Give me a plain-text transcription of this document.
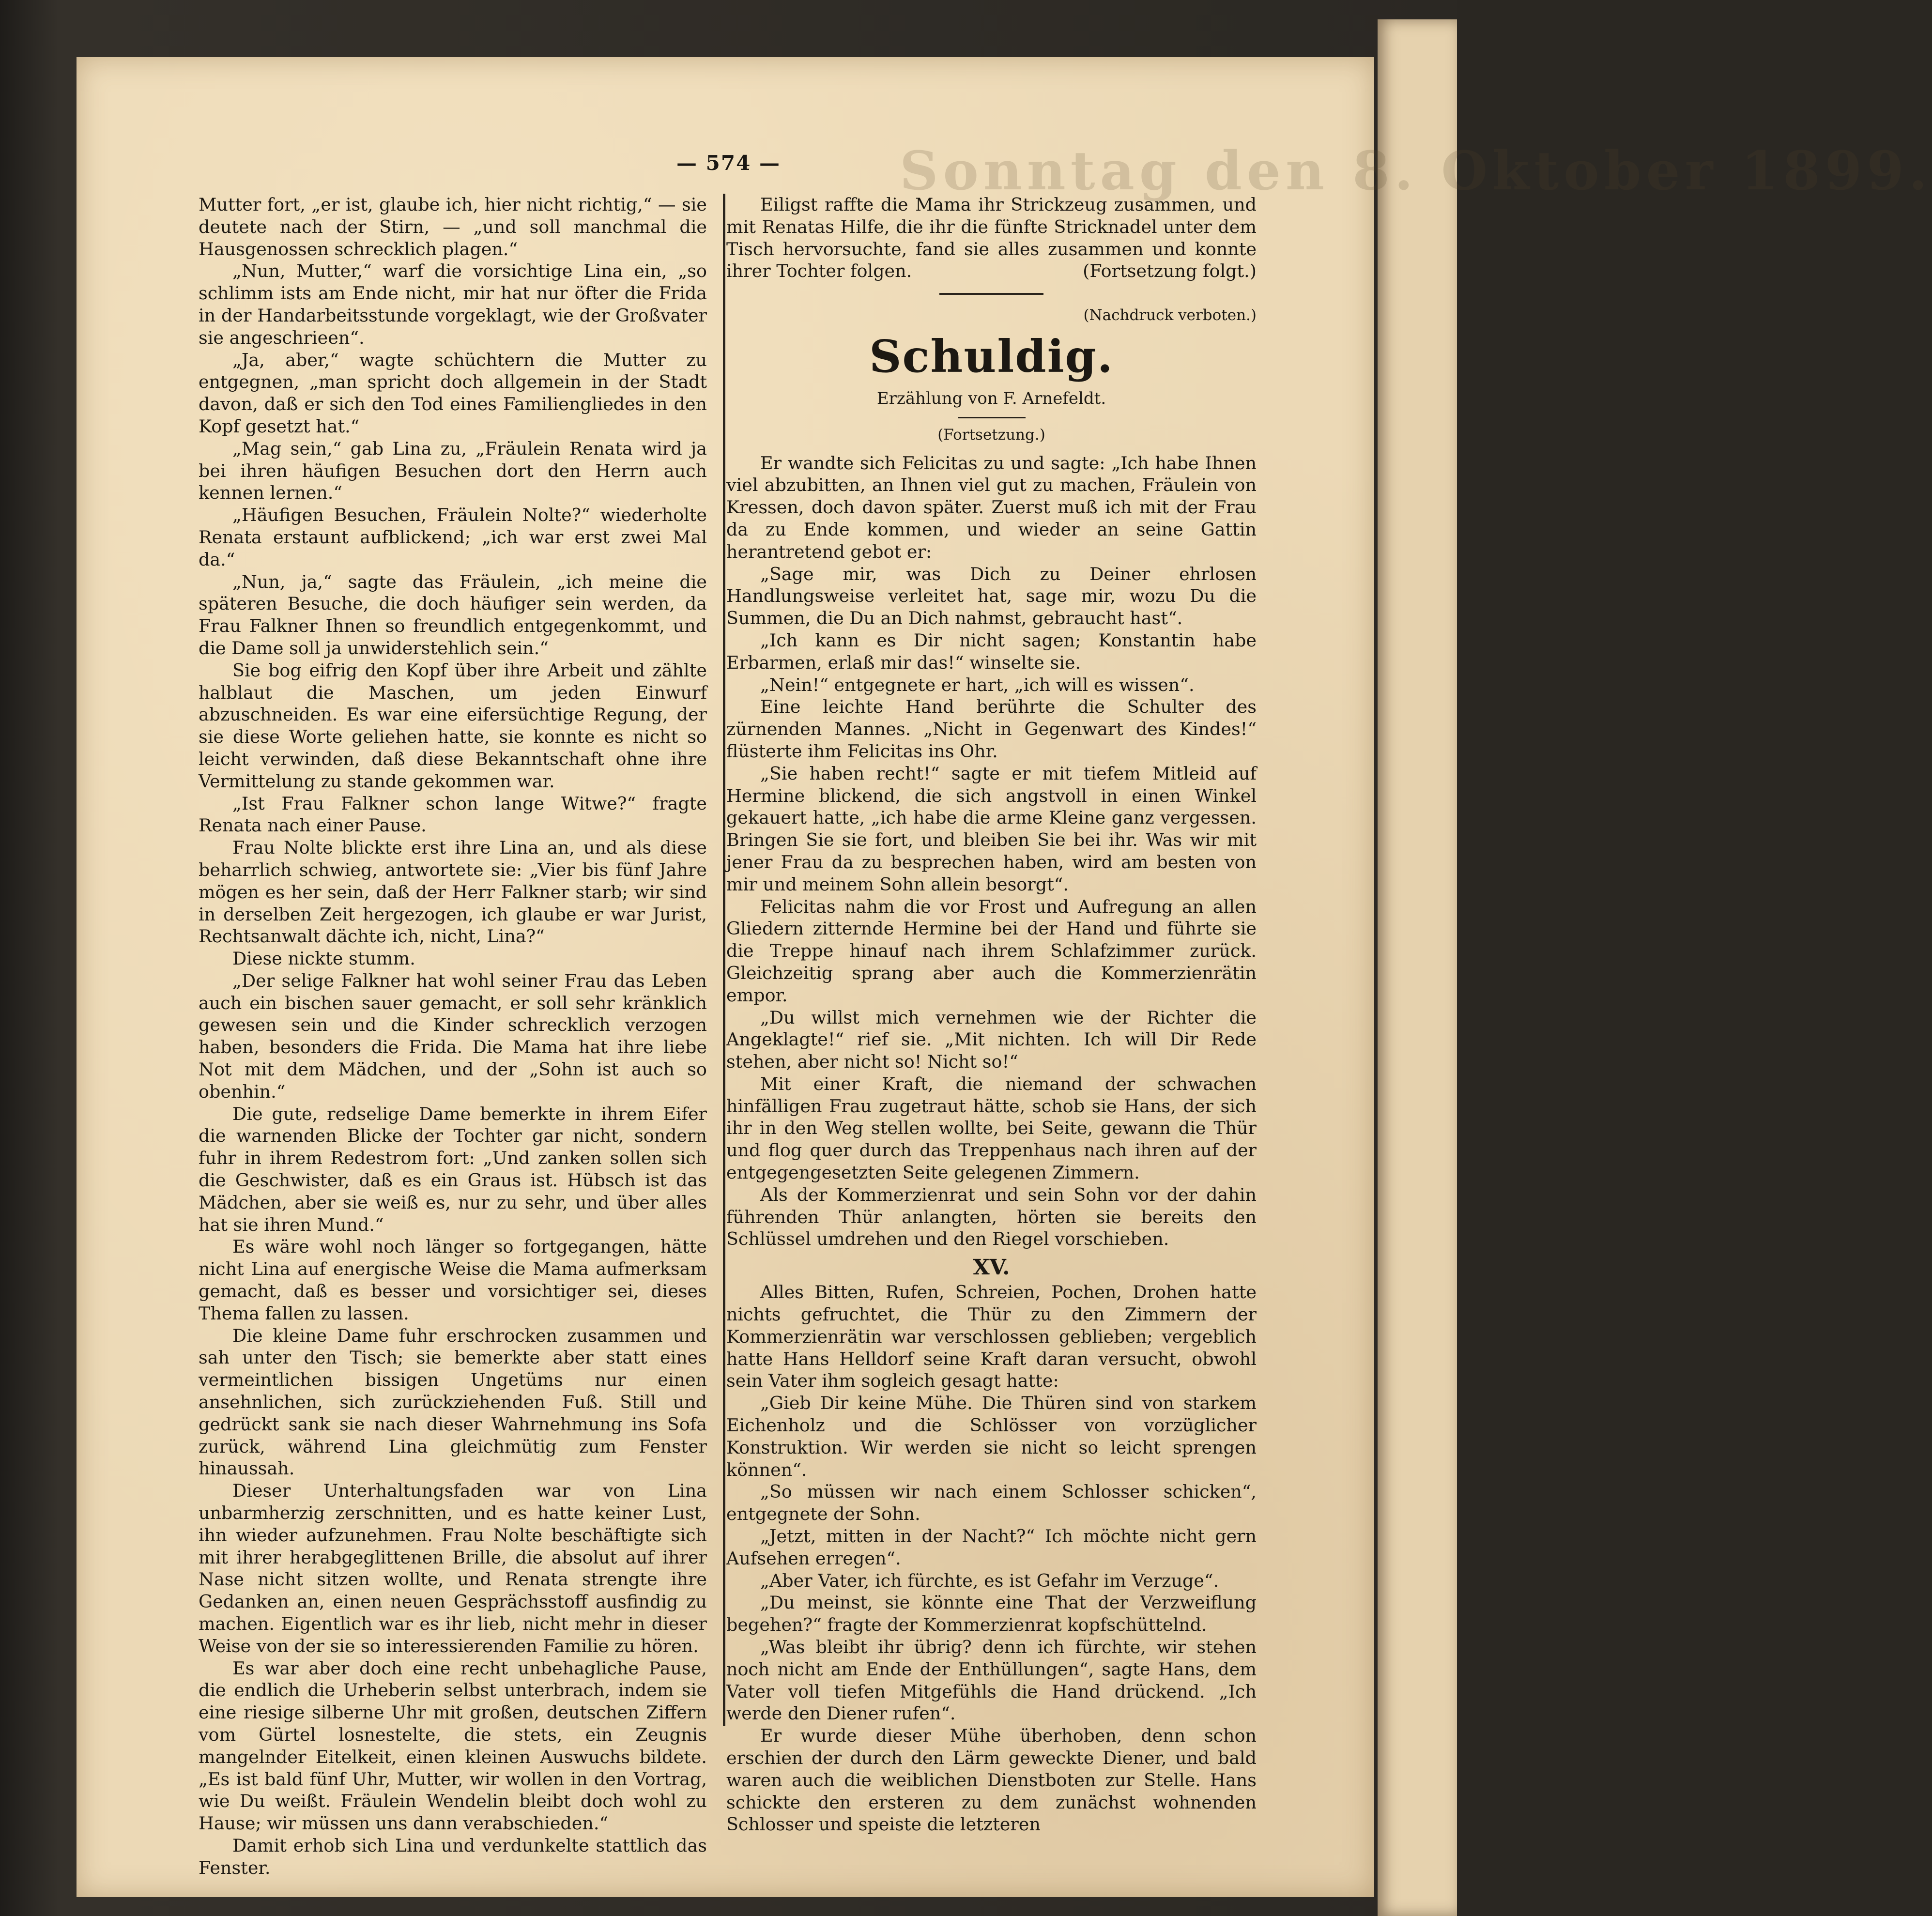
Sonntag den 8. Oktober 1899.
— 574 —

Mutter fort, „er ist, glaube ich, hier nicht richtig,“ — sie deutete nach der Stirn, — „und soll manchmal die Hausgenossen schrecklich plagen.“

„Nun, Mutter,“ warf die vorsichtige Lina ein, „so schlimm ists am Ende nicht, mir hat nur öfter die Frida in der Handarbeitsstunde vorgeklagt, wie der Großvater sie angeschrieen“.

„Ja, aber,“ wagte schüchtern die Mutter zu entgegnen, „man spricht doch allgemein in der Stadt davon, daß er sich den Tod eines Familiengliedes in den Kopf gesetzt hat.“

„Mag sein,“ gab Lina zu, „Fräulein Renata wird ja bei ihren häufigen Besuchen dort den Herrn auch kennen lernen.“

„Häufigen Besuchen, Fräulein Nolte?“ wiederholte Renata erstaunt aufblickend; „ich war erst zwei Mal da.“

„Nun, ja,“ sagte das Fräulein, „ich meine die späteren Besuche, die doch häufiger sein werden, da Frau Falkner Ihnen so freundlich entgegenkommt, und die Dame soll ja unwiderstehlich sein.“

Sie bog eifrig den Kopf über ihre Arbeit und zählte halblaut die Maschen, um jeden Einwurf abzuschneiden. Es war eine eifersüchtige Regung, der sie diese Worte geliehen hatte, sie konnte es nicht so leicht verwinden, daß diese Bekanntschaft ohne ihre Vermittelung zu stande gekommen war.

„Ist Frau Falkner schon lange Witwe?“ fragte Renata nach einer Pause.

Frau Nolte blickte erst ihre Lina an, und als diese beharrlich schwieg, antwortete sie: „Vier bis fünf Jahre mögen es her sein, daß der Herr Falkner starb; wir sind in derselben Zeit hergezogen, ich glaube er war Jurist, Rechtsanwalt dächte ich, nicht, Lina?“

Diese nickte stumm.

„Der selige Falkner hat wohl seiner Frau das Leben auch ein bischen sauer gemacht, er soll sehr kränklich gewesen sein und die Kinder schrecklich verzogen haben, besonders die Frida. Die Mama hat ihre liebe Not mit dem Mädchen, und der „Sohn ist auch so obenhin.“

Die gute, redselige Dame bemerkte in ihrem Eifer die warnenden Blicke der Tochter gar nicht, sondern fuhr in ihrem Redestrom fort: „Und zanken sollen sich die Geschwister, daß es ein Graus ist. Hübsch ist das Mädchen, aber sie weiß es, nur zu sehr, und über alles hat sie ihren Mund.“

Es wäre wohl noch länger so fortgegangen, hätte nicht Lina auf energische Weise die Mama aufmerksam gemacht, daß es besser und vorsichtiger sei, dieses Thema fallen zu lassen.

Die kleine Dame fuhr erschrocken zusammen und sah unter den Tisch; sie bemerkte aber statt eines vermeintlichen bissigen Ungetüms nur einen ansehnlichen, sich zurückziehenden Fuß. Still und gedrückt sank sie nach dieser Wahrnehmung ins Sofa zurück, während Lina gleichmütig zum Fenster hinaussah.

Dieser Unterhaltungsfaden war von Lina unbarmherzig zerschnitten, und es hatte keiner Lust, ihn wieder aufzunehmen. Frau Nolte beschäftigte sich mit ihrer herabgeglittenen Brille, die absolut auf ihrer Nase nicht sitzen wollte, und Renata strengte ihre Gedanken an, einen neuen Gesprächsstoff ausfindig zu machen. Eigentlich war es ihr lieb, nicht mehr in dieser Weise von der sie so interessierenden Familie zu hören.

Es war aber doch eine recht unbehagliche Pause, die endlich die Urheberin selbst unterbrach, indem sie eine riesige silberne Uhr mit großen, deutschen Ziffern vom Gürtel losnestelte, die stets, ein Zeugnis mangelnder Eitelkeit, einen kleinen Auswuchs bildete. „Es ist bald fünf Uhr, Mutter, wir wollen in den Vortrag, wie Du weißt. Fräulein Wendelin bleibt doch wohl zu Hause; wir müssen uns dann verabschieden.“

Damit erhob sich Lina und verdunkelte stattlich das Fenster.

Eiligst raffte die Mama ihr Strickzeug zusammen, und mit Renatas Hilfe, die ihr die fünfte Stricknadel unter dem Tisch hervorsuchte, fand sie alles zusammen und konnte ihrer Tochter folgen.	(Fortsetzung folgt.)

(Nachdruck verboten.)
Schuldig.
Erzählung von F. Arnefeldt.
(Fortsetzung.)

Er wandte sich Felicitas zu und sagte: „Ich habe Ihnen viel abzubitten, an Ihnen viel gut zu machen, Fräulein von Kressen, doch davon später. Zuerst muß ich mit der Frau da zu Ende kommen, und wieder an seine Gattin herantretend gebot er:

„Sage mir, was Dich zu Deiner ehrlosen Handlungsweise verleitet hat, sage mir, wozu Du die Summen, die Du an Dich nahmst, gebraucht hast“.

„Ich kann es Dir nicht sagen; Konstantin habe Erbarmen, erlaß mir das!“ winselte sie.

„Nein!“ entgegnete er hart, „ich will es wissen“.

Eine leichte Hand berührte die Schulter des zürnenden Mannes. „Nicht in Gegenwart des Kindes!“ flüsterte ihm Felicitas ins Ohr.

„Sie haben recht!“ sagte er mit tiefem Mitleid auf Hermine blickend, die sich angstvoll in einen Winkel gekauert hatte, „ich habe die arme Kleine ganz vergessen. Bringen Sie sie fort, und bleiben Sie bei ihr. Was wir mit jener Frau da zu besprechen haben, wird am besten von mir und meinem Sohn allein besorgt“.

Felicitas nahm die vor Frost und Aufregung an allen Gliedern zitternde Hermine bei der Hand und führte sie die Treppe hinauf nach ihrem Schlafzimmer zurück. Gleichzeitig sprang aber auch die Kommerzienrätin empor.

„Du willst mich vernehmen wie der Richter die Angeklagte!“ rief sie. „Mit nichten. Ich will Dir Rede stehen, aber nicht so! Nicht so!“

Mit einer Kraft, die niemand der schwachen hinfälligen Frau zugetraut hätte, schob sie Hans, der sich ihr in den Weg stellen wollte, bei Seite, gewann die Thür und flog quer durch das Treppenhaus nach ihren auf der entgegengesetzten Seite gelegenen Zimmern.

Als der Kommerzienrat und sein Sohn vor der dahin führenden Thür anlangten, hörten sie bereits den Schlüssel umdrehen und den Riegel vorschieben.

XV.

Alles Bitten, Rufen, Schreien, Pochen, Drohen hatte nichts gefruchtet, die Thür zu den Zimmern der Kommerzienrätin war verschlossen geblieben; vergeblich hatte Hans Helldorf seine Kraft daran versucht, obwohl sein Vater ihm sogleich gesagt hatte:

„Gieb Dir keine Mühe. Die Thüren sind von starkem Eichenholz und die Schlösser von vorzüglicher Konstruktion. Wir werden sie nicht so leicht sprengen können“.

„So müssen wir nach einem Schlosser schicken“, entgegnete der Sohn.

„Jetzt, mitten in der Nacht?“ Ich möchte nicht gern Aufsehen erregen“.

„Aber Vater, ich fürchte, es ist Gefahr im Verzuge“.

„Du meinst, sie könnte eine That der Verzweiflung begehen?“ fragte der Kommerzienrat kopfschüttelnd.

„Was bleibt ihr übrig? denn ich fürchte, wir stehen noch nicht am Ende der Enthüllungen“, sagte Hans, dem Vater voll tiefen Mitgefühls die Hand drückend. „Ich werde den Diener rufen“.

Er wurde dieser Mühe überhoben, denn schon erschien der durch den Lärm geweckte Diener, und bald waren auch die weiblichen Dienstboten zur Stelle. Hans schickte den ersteren zu dem zunächst wohnenden Schlosser und speiste die letzteren
